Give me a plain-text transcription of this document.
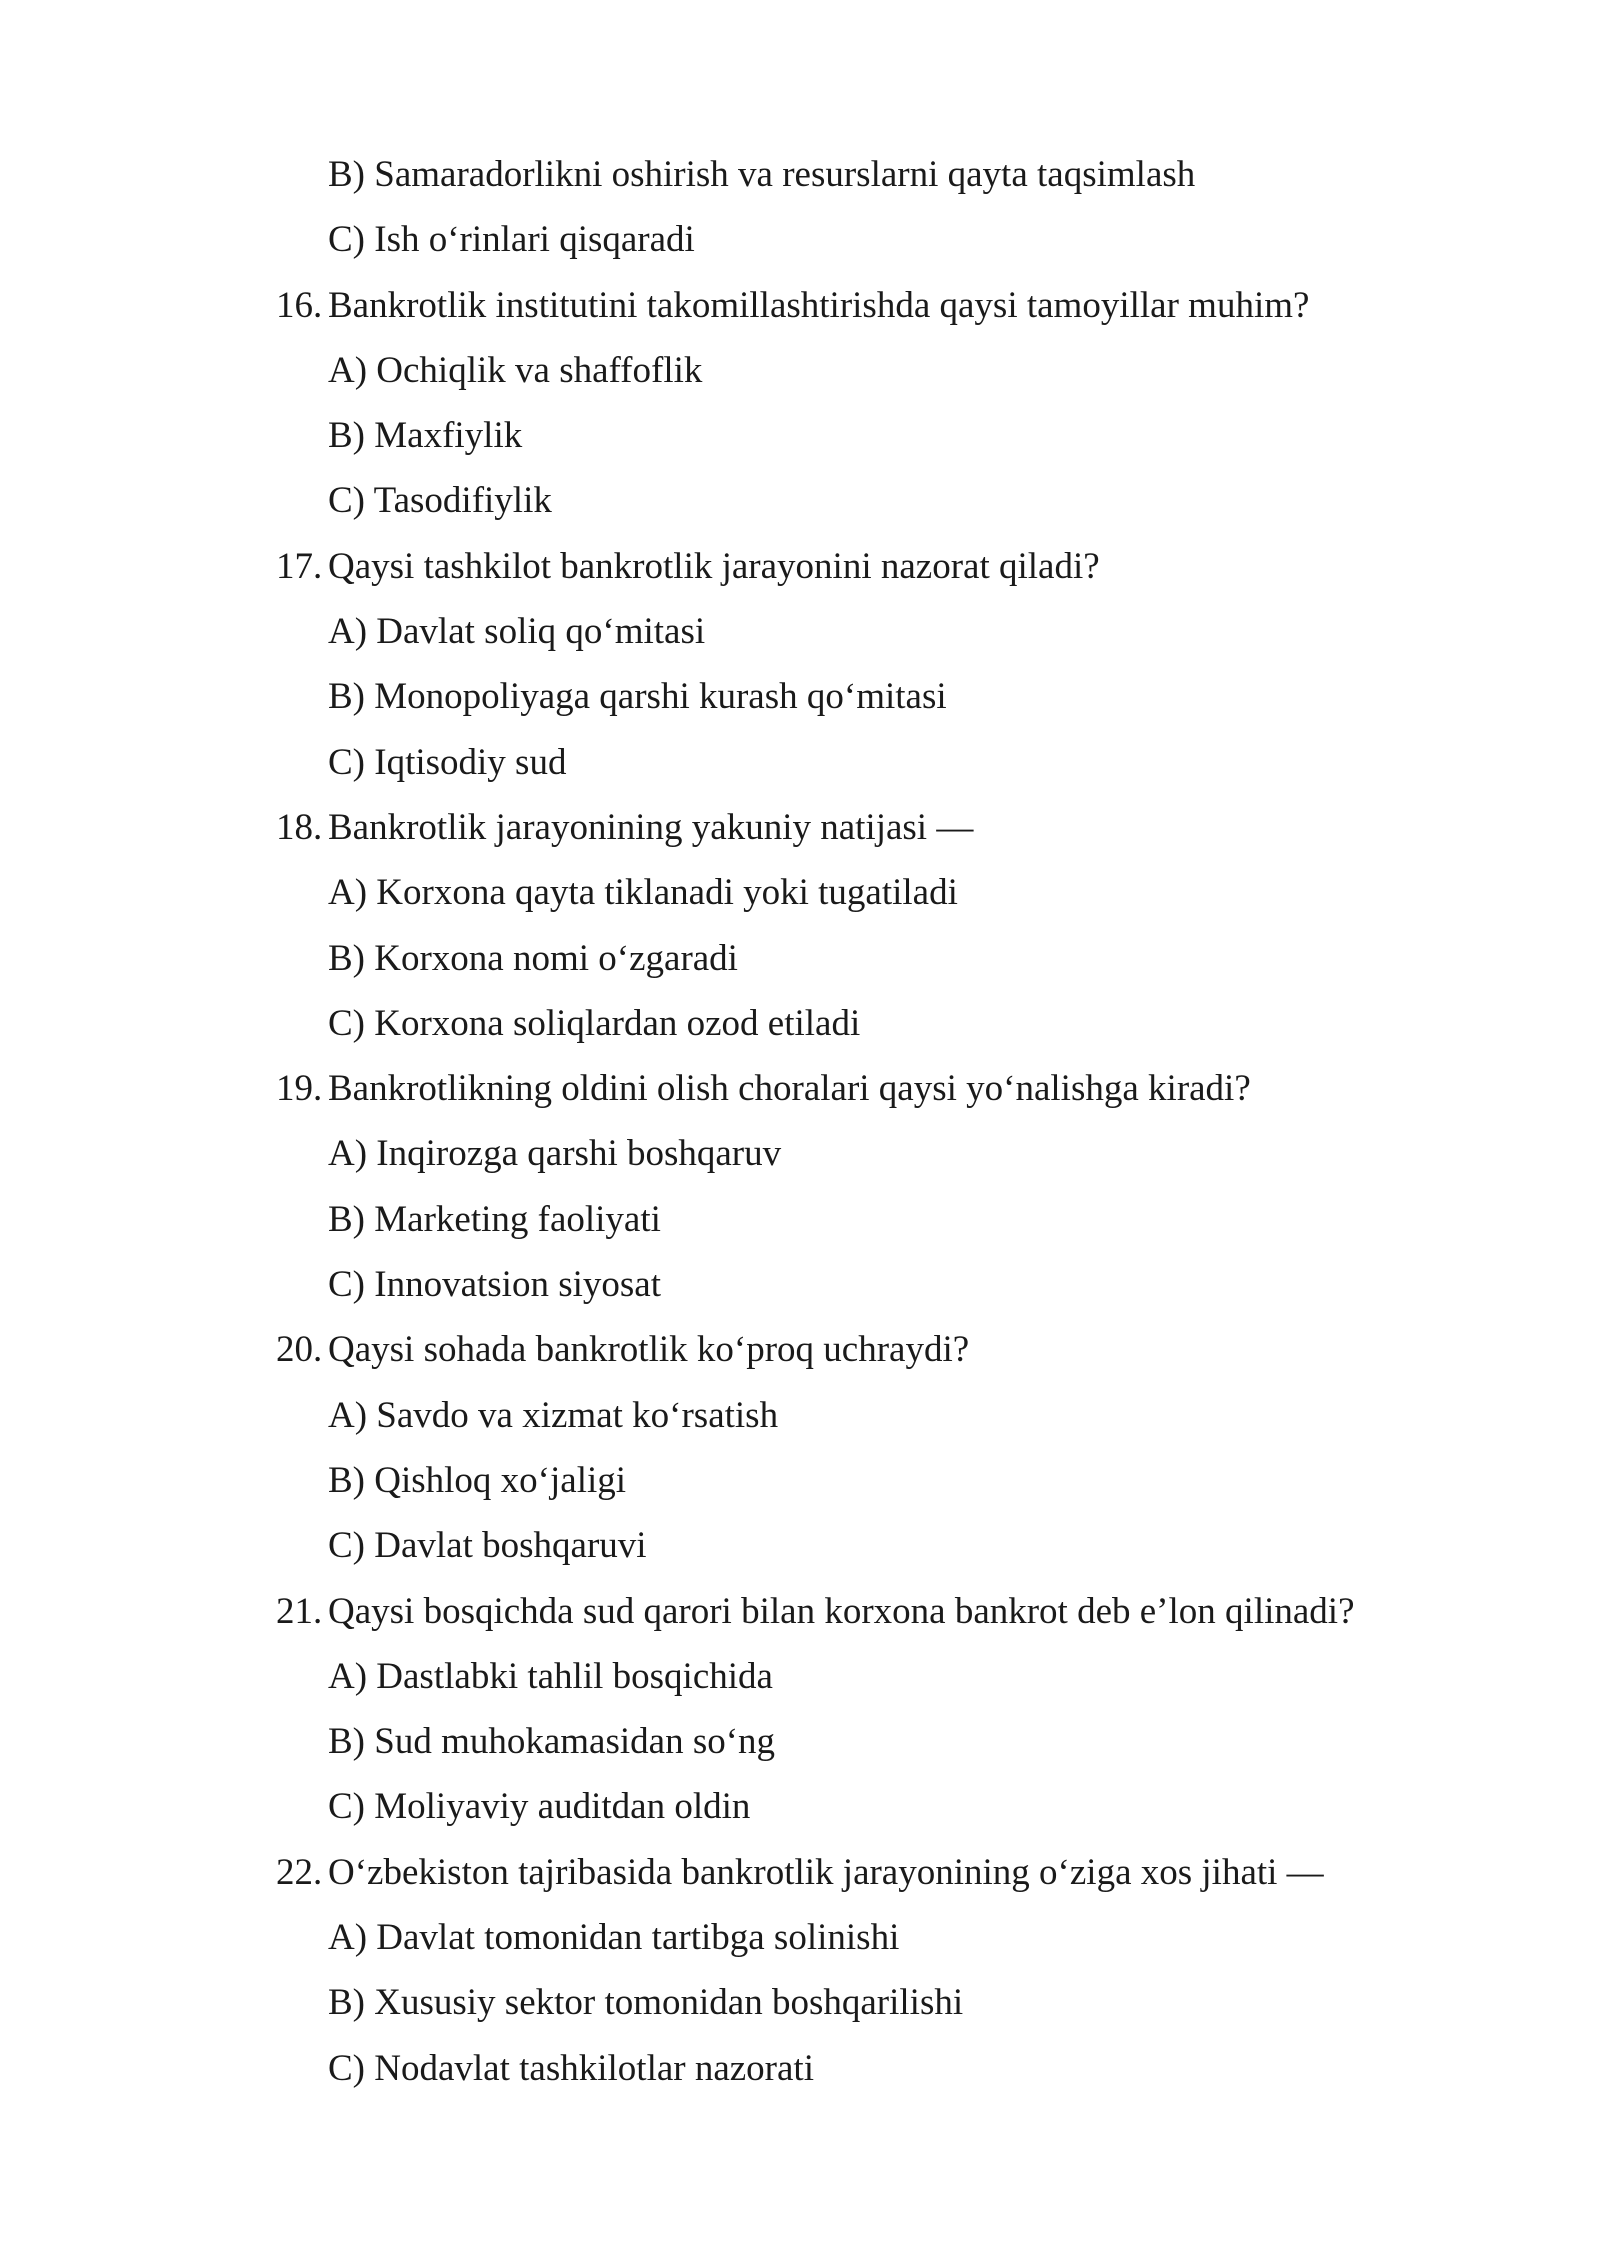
B) Samaradorlikni oshirish va resurslarni qayta taqsimlash
C) Ish o‘rinlari qisqaradi
16. Bankrotlik institutini takomillashtirishda qaysi tamoyillar muhim?
A) Ochiqlik va shaffoflik
B) Maxfiylik
C) Tasodifiylik
17. Qaysi tashkilot bankrotlik jarayonini nazorat qiladi?
A) Davlat soliq qo‘mitasi
B) Monopoliyaga qarshi kurash qo‘mitasi
C) Iqtisodiy sud
18. Bankrotlik jarayonining yakuniy natijasi —
A) Korxona qayta tiklanadi yoki tugatiladi
B) Korxona nomi o‘zgaradi
C) Korxona soliqlardan ozod etiladi
19. Bankrotlikning oldini olish choralari qaysi yo‘nalishga kiradi?
A) Inqirozga qarshi boshqaruv
B) Marketing faoliyati
C) Innovatsion siyosat
20. Qaysi sohada bankrotlik ko‘proq uchraydi?
A) Savdo va xizmat ko‘rsatish
B) Qishloq xo‘jaligi
C) Davlat boshqaruvi
21. Qaysi bosqichda sud qarori bilan korxona bankrot deb e’lon qilinadi?
A) Dastlabki tahlil bosqichida
B) Sud muhokamasidan so‘ng
C) Moliyaviy auditdan oldin
22. O‘zbekiston tajribasida bankrotlik jarayonining o‘ziga xos jihati —
A) Davlat tomonidan tartibga solinishi
B) Xususiy sektor tomonidan boshqarilishi
C) Nodavlat tashkilotlar nazorati
